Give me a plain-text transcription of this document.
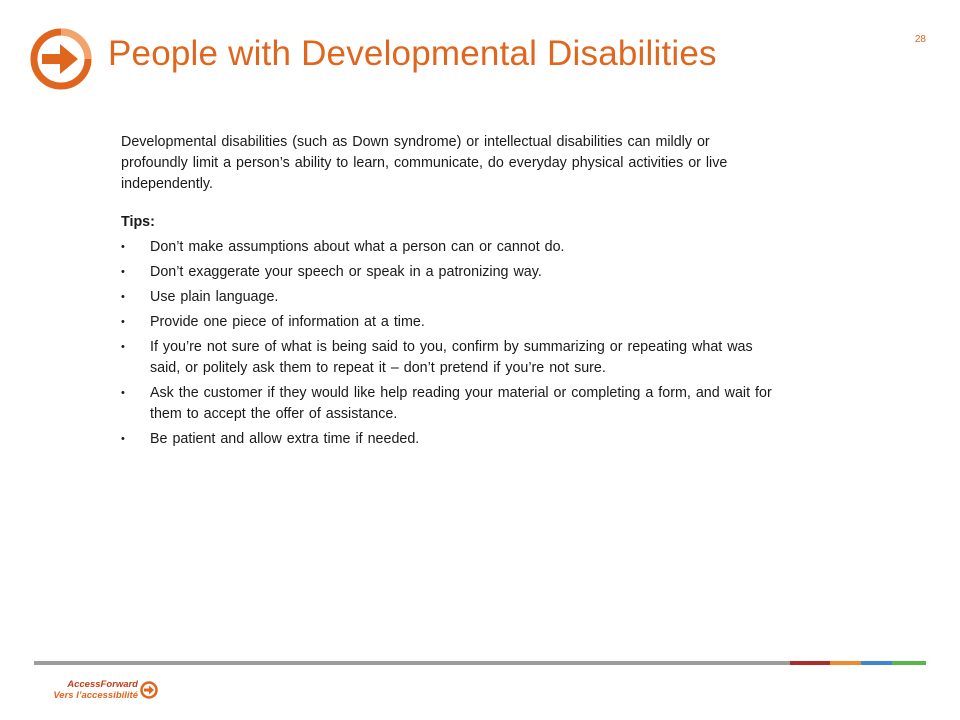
People with Developmental Disabilities	28

Developmental disabilities (such as Down syndrome) or intellectual disabilities can mildly or profoundly limit a person’s ability to learn, communicate, do everyday physical activities or live independently.

Tips:

•	Don’t make assumptions about what a person can or cannot do.
•	Don’t exaggerate your speech or speak in a patronizing way.
•	Use plain language.
•	Provide one piece of information at a time.
•	If you’re not sure of what is being said to you, confirm by summarizing or repeating what was said, or politely ask them to repeat it – don’t pretend if you’re not sure.
•	Ask the customer if they would like help reading your material or completing a form, and wait for them to accept the offer of assistance.
•	Be patient and allow extra time if needed.
AccessForward
Vers l’accessibilité
